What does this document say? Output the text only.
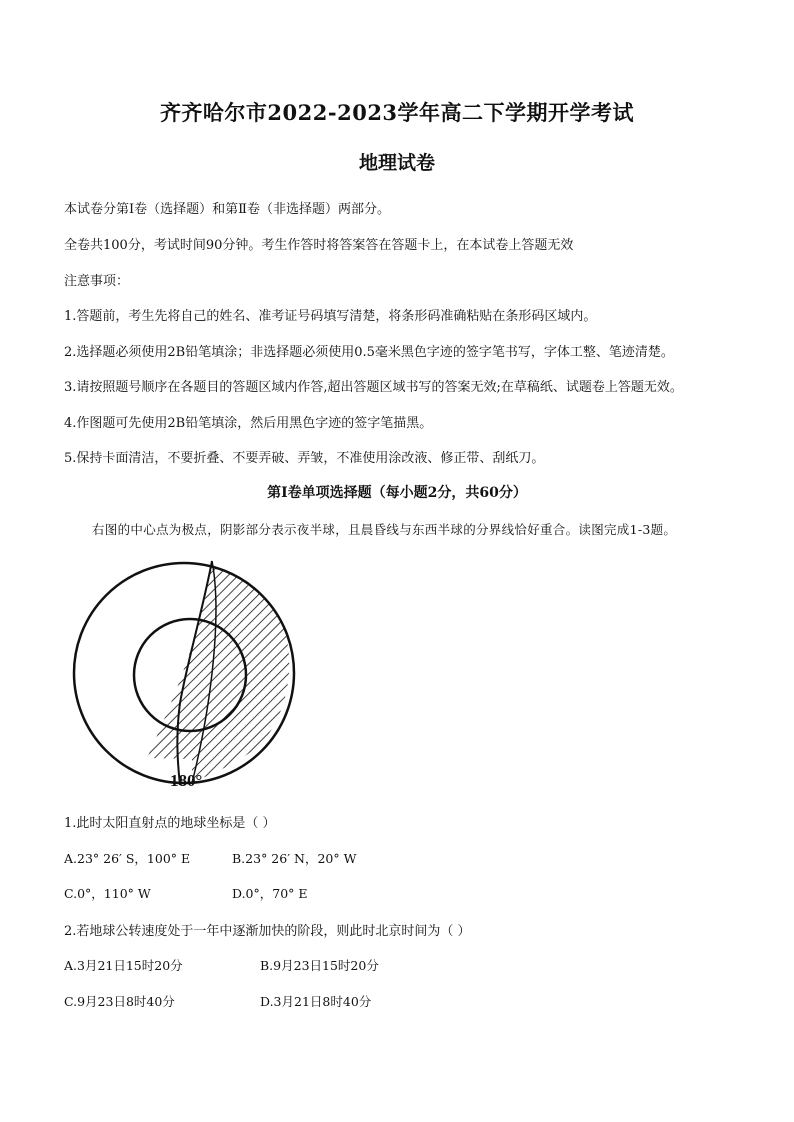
齐齐哈尔市2022-2023学年高二下学期开学考试
地理试卷
本试卷分第Ⅰ卷（选择题）和第Ⅱ卷（非选择题）两部分。
全卷共100分，考试时间90分钟。考生作答时将答案答在答题卡上，在本试卷上答题无效
注意事项：
1.答题前，考生先将自己的姓名、准考证号码填写清楚，将条形码准确粘贴在条形码区域内。
2.选择题必须使用2B铅笔填涂；非选择题必须使用0.5毫米黑色字迹的签字笔书写，字体工整、笔迹清楚。
3.请按照题号顺序在各题目的答题区域内作答,超出答题区域书写的答案无效;在草稿纸、试题卷上答题无效。
4.作图题可先使用2B铅笔填涂，然后用黑色字迹的签字笔描黑。
5.保持卡面清洁，不要折叠、不要弄破、弄皱，不准使用涂改液、修正带、刮纸刀。
第Ⅰ卷单项选择题（每小题2分，共60分）
右图的中心点为极点，阴影部分表示夜半球，且晨昏线与东西半球的分界线恰好重合。读图完成1-3题。
180°
1.此时太阳直射点的地球坐标是（ ）
A.23° 26′ S，100° E	B.23° 26′ N，20° W
C.0°，110° W	D.0°，70° E
2.若地球公转速度处于一年中逐渐加快的阶段，则此时北京时间为（ ）
A.3月21日15时20分	B.9月23日15时20分
C.9月23日8时40分	D.3月21日8时40分
